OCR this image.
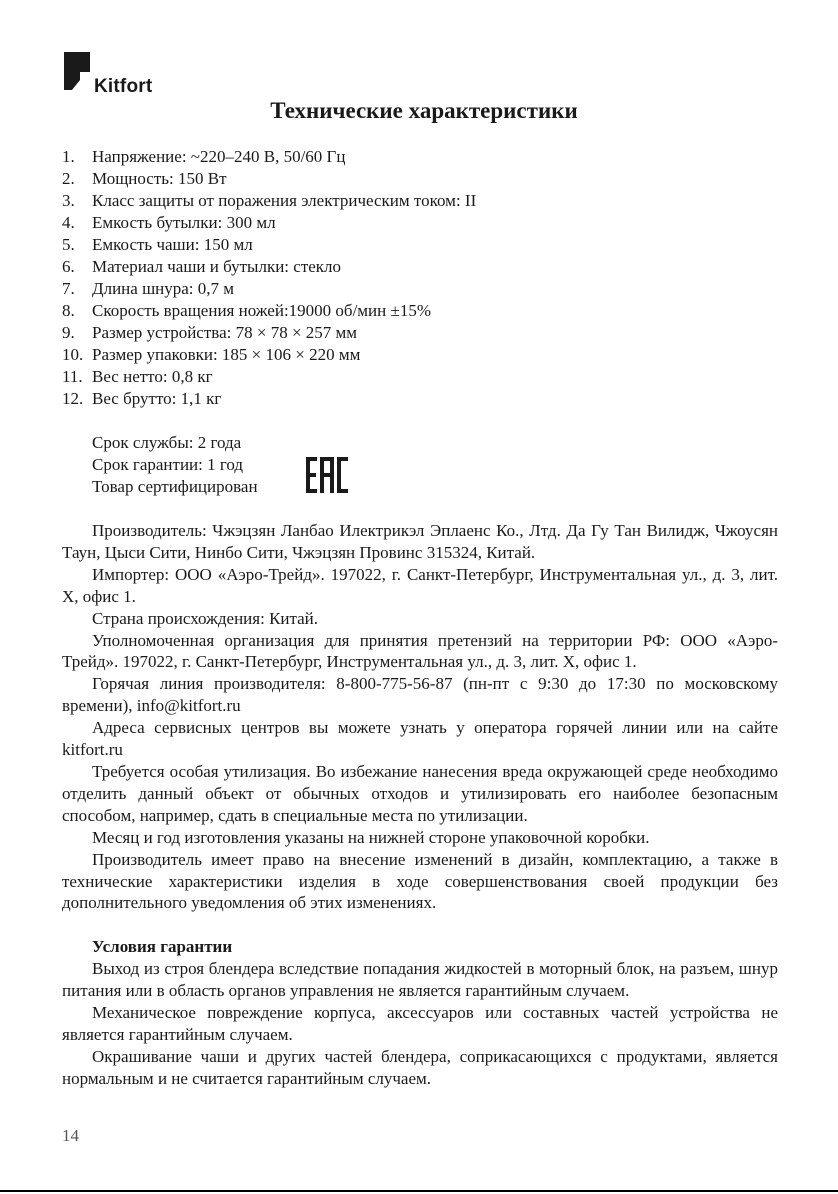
Kitfort
Технические характеристики
1. Напряжение: ~220–240 В, 50/60 Гц
2. Мощность: 150 Вт
3. Класс защиты от поражения электрическим током: II
4. Емкость бутылки: 300 мл
5. Емкость чаши: 150 мл
6. Материал чаши и бутылки: стекло
7. Длина шнура: 0,7 м
8. Скорость вращения ножей:19000 об/мин ±15%
9. Размер устройства: 78 × 78 × 257 мм
10. Размер упаковки: 185 × 106 × 220 мм
11. Вес нетто: 0,8 кг
12. Вес брутто: 1,1 кг
Срок службы: 2 года
Срок гарантии: 1 год
Товар сертифицирован

Производитель: Чжэцзян Ланбао Илектрикэл Эплаенс Ко., Лтд. Да Гу Тан Вилидж, Чжоусян Таун, Цыси Сити, Нинбо Сити, Чжэцзян Провинс 315324, Китай.

Импортер: ООО «Аэро-Трейд». 197022, г. Санкт-Петербург, Инструментальная ул., д. 3, лит. Х, офис 1.

Страна происхождения: Китай.

Уполномоченная организация для принятия претензий на территории РФ: ООО «Аэро-Трейд». 197022, г. Санкт-Петербург, Инструментальная ул., д. 3, лит. Х, офис 1.

Горячая линия производителя: 8-800-775-56-87 (пн-пт с 9:30 до 17:30 по московскому времени), info@kitfort.ru

Адреса сервисных центров вы можете узнать у оператора горячей линии или на сайте kitfort.ru

Требуется особая утилизация. Во избежание нанесения вреда окружающей среде необходимо отделить данный объект от обычных отходов и утилизировать его наиболее безопасным способом, например, сдать в специальные места по утилизации.

Месяц и год изготовления указаны на нижней стороне упаковочной коробки.

Производитель имеет право на внесение изменений в дизайн, комплектацию, а также в технические характеристики изделия в ходе совершенствования своей продукции без дополнительного уведомления об этих изменениях.

Условия гарантии

Выход из строя блендера вследствие попадания жидкостей в моторный блок, на разъем, шнур питания или в область органов управления не является гарантийным случаем.

Механическое повреждение корпуса, аксессуаров или составных частей устройства не является гарантийным случаем.

Окрашивание чаши и других частей блендера, соприкасающихся с продуктами, является нормальным и не считается гарантийным случаем.

14
